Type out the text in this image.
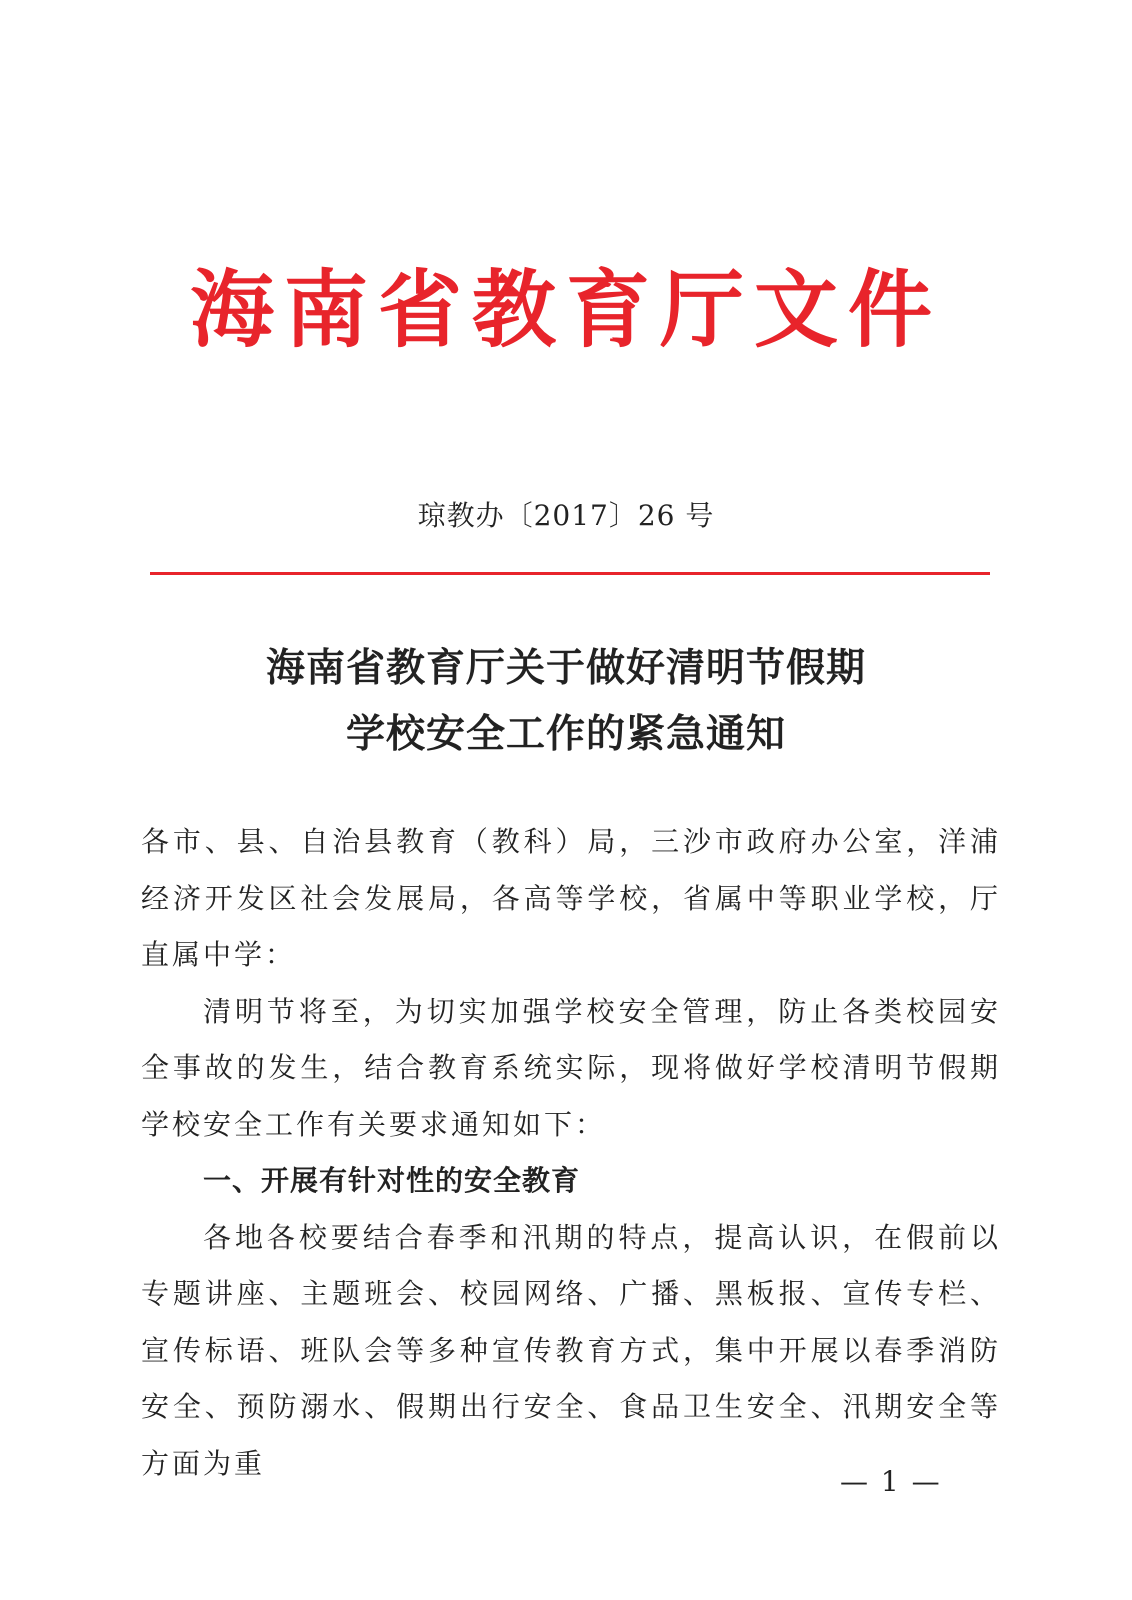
海南省教育厅文件
琼教办〔2017〕26 号
海南省教育厅关于做好清明节假期
学校安全工作的紧急通知

各市、县、自治县教育（教科）局，三沙市政府办公室，洋浦经济开发区社会发展局，各高等学校，省属中等职业学校，厅直属中学：

清明节将至，为切实加强学校安全管理，防止各类校园安全事故的发生，结合教育系统实际，现将做好学校清明节假期学校安全工作有关要求通知如下：

一、开展有针对性的安全教育

各地各校要结合春季和汛期的特点，提高认识，在假前以专题讲座、主题班会、校园网络、广播、黑板报、宣传专栏、宣传标语、班队会等多种宣传教育方式，集中开展以春季消防安全、预防溺水、假期出行安全、食品卫生安全、汛期安全等方面为重

— 1 —
